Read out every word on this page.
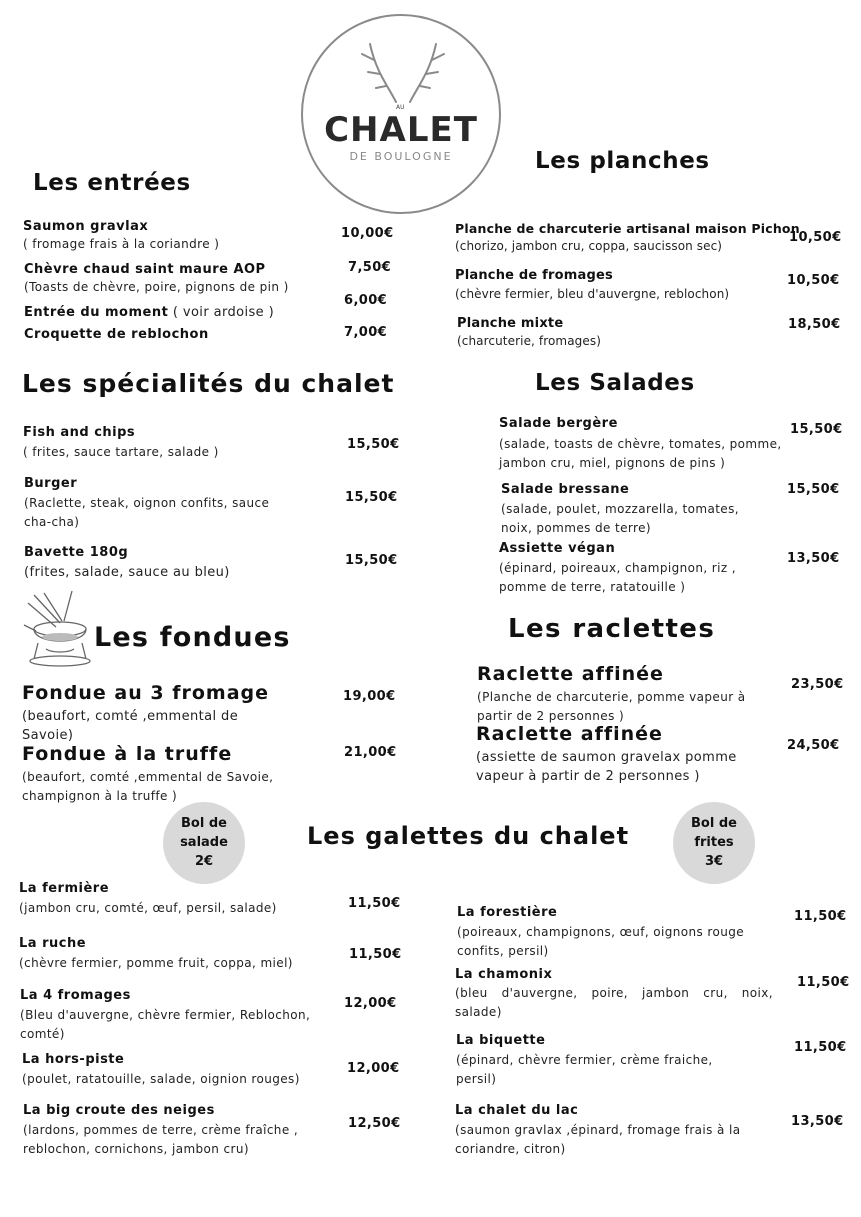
AU
CHALET
DE BOULOGNE
Les entrées
Saumon gravlax
( fromage frais à la coriandre )
10,00€
Chèvre chaud saint maure AOP
(Toasts de chèvre, poire, pignons de pin )
7,50€
Entrée du moment ( voir ardoise )
6,00€
Croquette de reblochon	7,00€
Les planches
Planche de charcuterie artisanal maison Pichon
(chorizo, jambon cru, coppa, saucisson sec)
10,50€
Planche de fromages
(chèvre fermier, bleu d'auvergne, reblochon)
10,50€
Planche mixte
(charcuterie, fromages)
18,50€
Les spécialités du chalet
Fish and chips
( frites, sauce tartare, salade )	15,50€
Burger
(Raclette, steak, oignon confits, sauce cha-cha)
15,50€
Bavette 180g
(frites, salade, sauce au bleu)
15,50€
Les Salades
Salade bergère
(salade, toasts de chèvre, tomates, pomme, jambon cru, miel, pignons de pins )
15,50€
Salade bressane
(salade, poulet, mozzarella, tomates, noix, pommes de terre)
15,50€
Assiette végan
(épinard, poireaux, champignon, riz , pomme de terre, ratatouille )
13,50€
Les fondues
Fondue au 3 fromage
(beaufort, comté ,emmental de Savoie)
19,00€
Fondue à la truffe
(beaufort, comté ,emmental de Savoie, champignon à la truffe )
21,00€
Les raclettes
Raclette affinée
(Planche de charcuterie, pomme vapeur à partir de 2 personnes )
23,50€
Raclette affinée
(assiette de saumon gravelax pomme vapeur à partir de 2 personnes )
24,50€
Bol de
salade
2€
Bol de
frites
3€
Les galettes du chalet
La fermière
(jambon cru, comté, œuf, persil, salade)	11,50€
La ruche
(chèvre fermier, pomme fruit, coppa, miel)
11,50€
La 4 fromages
(Bleu d'auvergne, chèvre fermier, Reblochon, comté)
12,00€
La hors-piste
(poulet, ratatouille, salade, oignion rouges)
12,00€
La big croute des neiges
(lardons, pommes de terre, crème fraîche , reblochon, cornichons, jambon cru)
12,50€
La forestière
(poireaux, champignons, œuf, oignons rouge confits, persil)
11,50€
La chamonix
(bleu d'auvergne, poire, jambon cru, noix, salade)
11,50€
La biquette
(épinard, chèvre fermier, crème fraiche, persil)
11,50€
La chalet du lac
(saumon gravlax ,épinard, fromage frais à la coriandre, citron)
13,50€
